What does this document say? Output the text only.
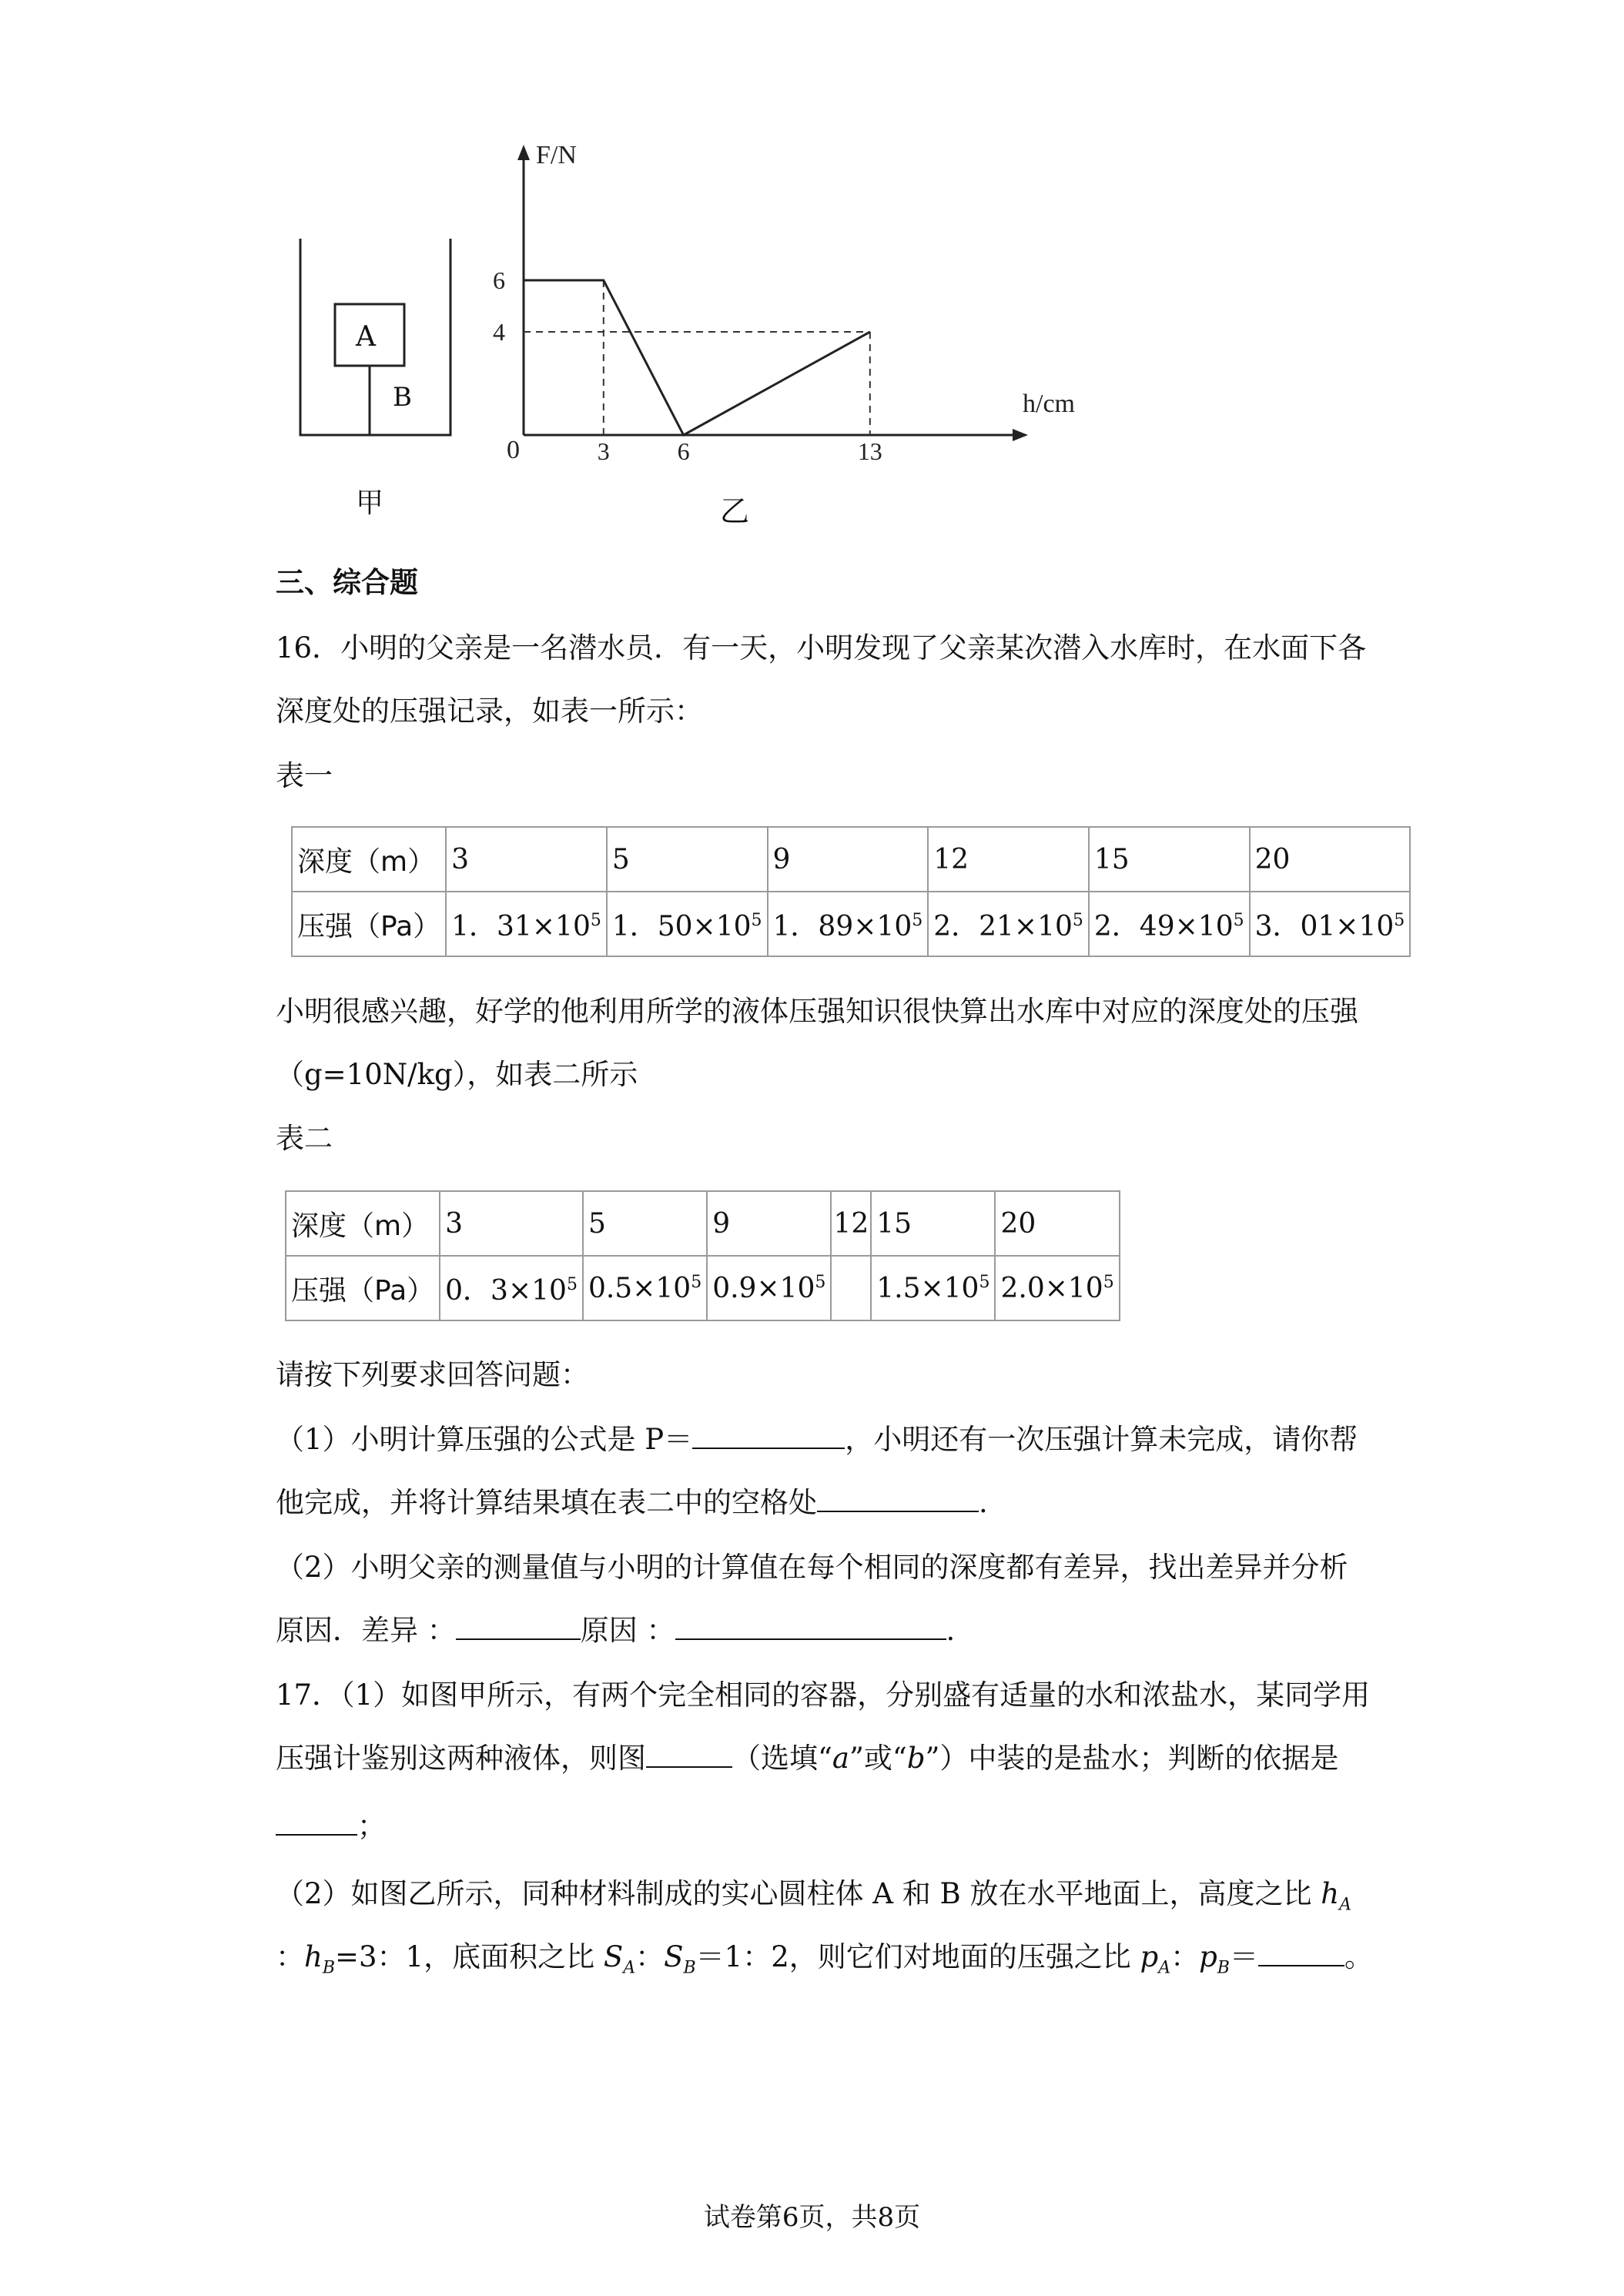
A
B
甲
F/N
h/cm
0
6
4
3	6	13
乙
三、综合题
16．小明的父亲是一名潜水员．有一天，小明发现了父亲某次潜入水库时，在水面下各
深度处的压强记录，如表一所示：
表一
深度（m）	3	5	9	12	15	20
压强（Pa）	1．$31\times 10^5$	1．$50\times 10^5$	1．$89\times 10^5$	2．$21\times 10^5$	2．$49\times 10^5$	3．$01\times 10^5$
小明很感兴趣，好学的他利用所学的液体压强知识很快算出水库中对应的深度处的压强
（g=10N/kg），如表二所示
表二
深度（m）	3	5	9	12	15	20
压强（Pa）	0．$3\times 10^5$	$0.5\times 10^5$	$0.9\times 10^5$		$1.5\times 10^5$	$2.0\times 10^5$
请按下列要求回答问题：
（1）小明计算压强的公式是 P＝	，小明还有一次压强计算未完成，请你帮
他完成，并将计算结果填在表二中的空格处	.
（2）小明父亲的测量值与小明的计算值在每个相同的深度都有差异，找出差异并分析
原因．差异 ：	原因 ：	.
17．（1）如图甲所示，有两个完全相同的容器，分别盛有适量的水和浓盐水，某同学用
压强计鉴别这两种液体，则图	（选填“a”或“b”）中装的是盐水；判断的依据是
；
（2）如图乙所示，同种材料制成的实心圆柱体 A 和 B 放在水平地面上，高度之比 $h_A$
：$h_B=3$：1，底面积之比 $S_A$：$S_B=1$：2，则它们对地面的压强之比 $p_A$：$p_B=$	。
试卷第6页，共8页
